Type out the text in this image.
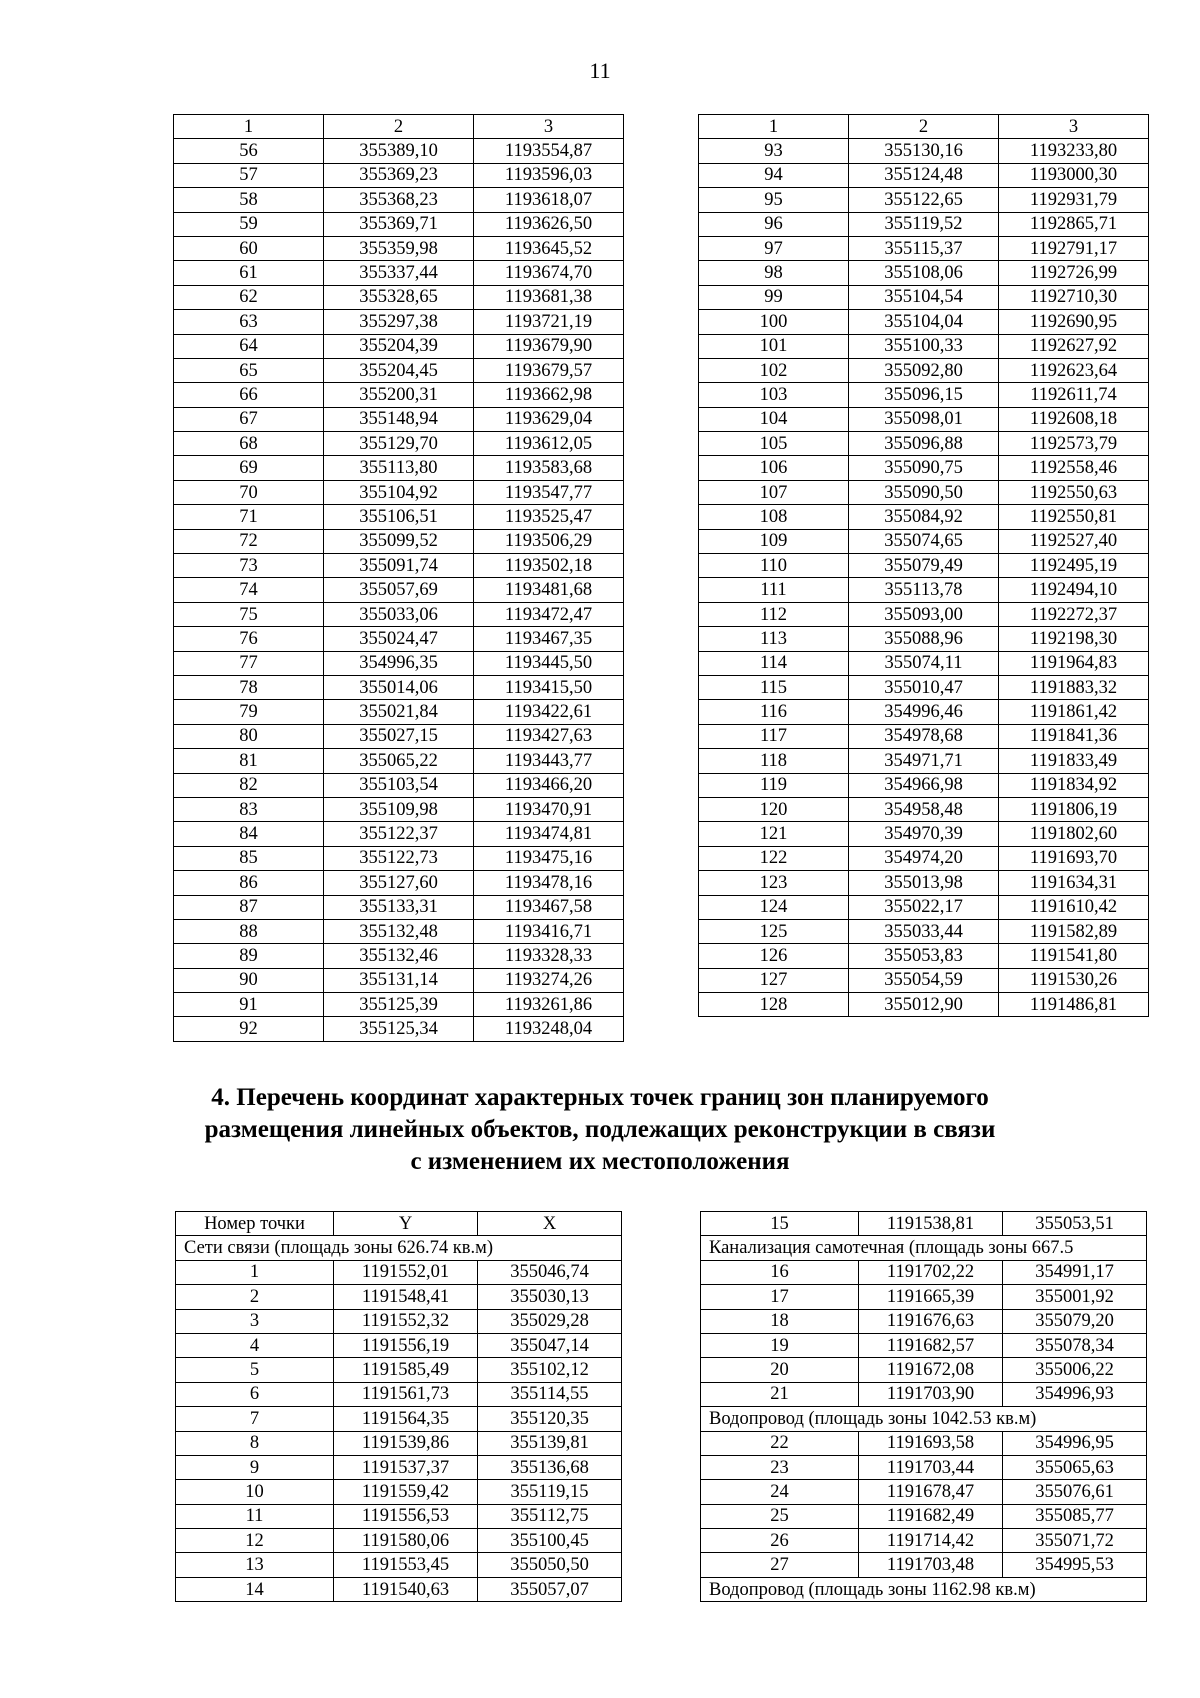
11
1	2	3
56	355389,10	1193554,87
57	355369,23	1193596,03
58	355368,23	1193618,07
59	355369,71	1193626,50
60	355359,98	1193645,52
61	355337,44	1193674,70
62	355328,65	1193681,38
63	355297,38	1193721,19
64	355204,39	1193679,90
65	355204,45	1193679,57
66	355200,31	1193662,98
67	355148,94	1193629,04
68	355129,70	1193612,05
69	355113,80	1193583,68
70	355104,92	1193547,77
71	355106,51	1193525,47
72	355099,52	1193506,29
73	355091,74	1193502,18
74	355057,69	1193481,68
75	355033,06	1193472,47
76	355024,47	1193467,35
77	354996,35	1193445,50
78	355014,06	1193415,50
79	355021,84	1193422,61
80	355027,15	1193427,63
81	355065,22	1193443,77
82	355103,54	1193466,20
83	355109,98	1193470,91
84	355122,37	1193474,81
85	355122,73	1193475,16
86	355127,60	1193478,16
87	355133,31	1193467,58
88	355132,48	1193416,71
89	355132,46	1193328,33
90	355131,14	1193274,26
91	355125,39	1193261,86
92	355125,34	1193248,04
1	2	3
93	355130,16	1193233,80
94	355124,48	1193000,30
95	355122,65	1192931,79
96	355119,52	1192865,71
97	355115,37	1192791,17
98	355108,06	1192726,99
99	355104,54	1192710,30
100	355104,04	1192690,95
101	355100,33	1192627,92
102	355092,80	1192623,64
103	355096,15	1192611,74
104	355098,01	1192608,18
105	355096,88	1192573,79
106	355090,75	1192558,46
107	355090,50	1192550,63
108	355084,92	1192550,81
109	355074,65	1192527,40
110	355079,49	1192495,19
111	355113,78	1192494,10
112	355093,00	1192272,37
113	355088,96	1192198,30
114	355074,11	1191964,83
115	355010,47	1191883,32
116	354996,46	1191861,42
117	354978,68	1191841,36
118	354971,71	1191833,49
119	354966,98	1191834,92
120	354958,48	1191806,19
121	354970,39	1191802,60
122	354974,20	1191693,70
123	355013,98	1191634,31
124	355022,17	1191610,42
125	355033,44	1191582,89
126	355053,83	1191541,80
127	355054,59	1191530,26
128	355012,90	1191486,81
4. Перечень координат характерных точек границ зон планируемого
размещения линейных объектов, подлежащих реконструкции в связи
с изменением их местоположения
Номер точки	Y	X
Сети связи (площадь зоны 626.74 кв.м)		
1	1191552,01	355046,74
2	1191548,41	355030,13
3	1191552,32	355029,28
4	1191556,19	355047,14
5	1191585,49	355102,12
6	1191561,73	355114,55
7	1191564,35	355120,35
8	1191539,86	355139,81
9	1191537,37	355136,68
10	1191559,42	355119,15
11	1191556,53	355112,75
12	1191580,06	355100,45
13	1191553,45	355050,50
14	1191540,63	355057,07
15	1191538,81	355053,51
Канализация самотечная (площадь зоны 667.5		
16	1191702,22	354991,17
17	1191665,39	355001,92
18	1191676,63	355079,20
19	1191682,57	355078,34
20	1191672,08	355006,22
21	1191703,90	354996,93
Водопровод (площадь зоны 1042.53 кв.м)		
22	1191693,58	354996,95
23	1191703,44	355065,63
24	1191678,47	355076,61
25	1191682,49	355085,77
26	1191714,42	355071,72
27	1191703,48	354995,53
Водопровод (площадь зоны 1162.98 кв.м)		
